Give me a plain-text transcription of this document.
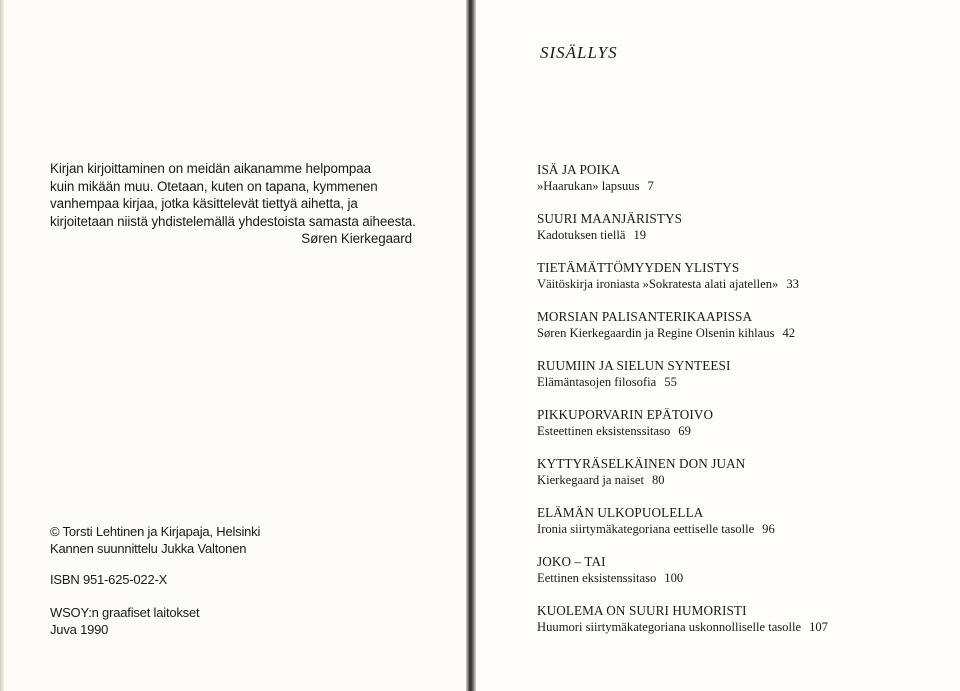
Kirjan kirjoittaminen on meidän aikanamme helpompaa

kuin mikään muu. Otetaan, kuten on tapana, kymmenen

vanhempaa kirjaa, jotka käsittelevät tiettyä aihetta, ja

kirjoitetaan niistä yhdistelemällä yhdestoista samasta aiheesta.

Søren Kierkegaard

© Torsti Lehtinen ja Kirjapaja, Helsinki

Kannen suunnittelu Jukka Valtonen

ISBN 951-625-022-X

WSOY:n graafiset laitokset

Juva 1990

SISÄLLYS
ISÄ JA POIKA
»Haarukan» lapsuus 7
SUURI MAANJÄRISTYS
Kadotuksen tiellä 19
TIETÄMÄTTÖMYYDEN YLISTYS
Väitöskirja ironiasta »Sokratesta alati ajatellen» 33
MORSIAN PALISANTERIKAAPISSA
Søren Kierkegaardin ja Regine Olsenin kihlaus 42
RUUMIIN JA SIELUN SYNTEESI
Elämäntasojen filosofia 55
PIKKUPORVARIN EPÄTOIVO
Esteettinen eksistenssitaso 69
KYTTYRÄSELKÄINEN DON JUAN
Kierkegaard ja naiset 80
ELÄMÄN ULKOPUOLELLA
Ironia siirtymäkategoriana eettiselle tasolle 96
JOKO – TAI
Eettinen eksistenssitaso 100
KUOLEMA ON SUURI HUMORISTI
Huumori siirtymäkategoriana uskonnolliselle tasolle 107
